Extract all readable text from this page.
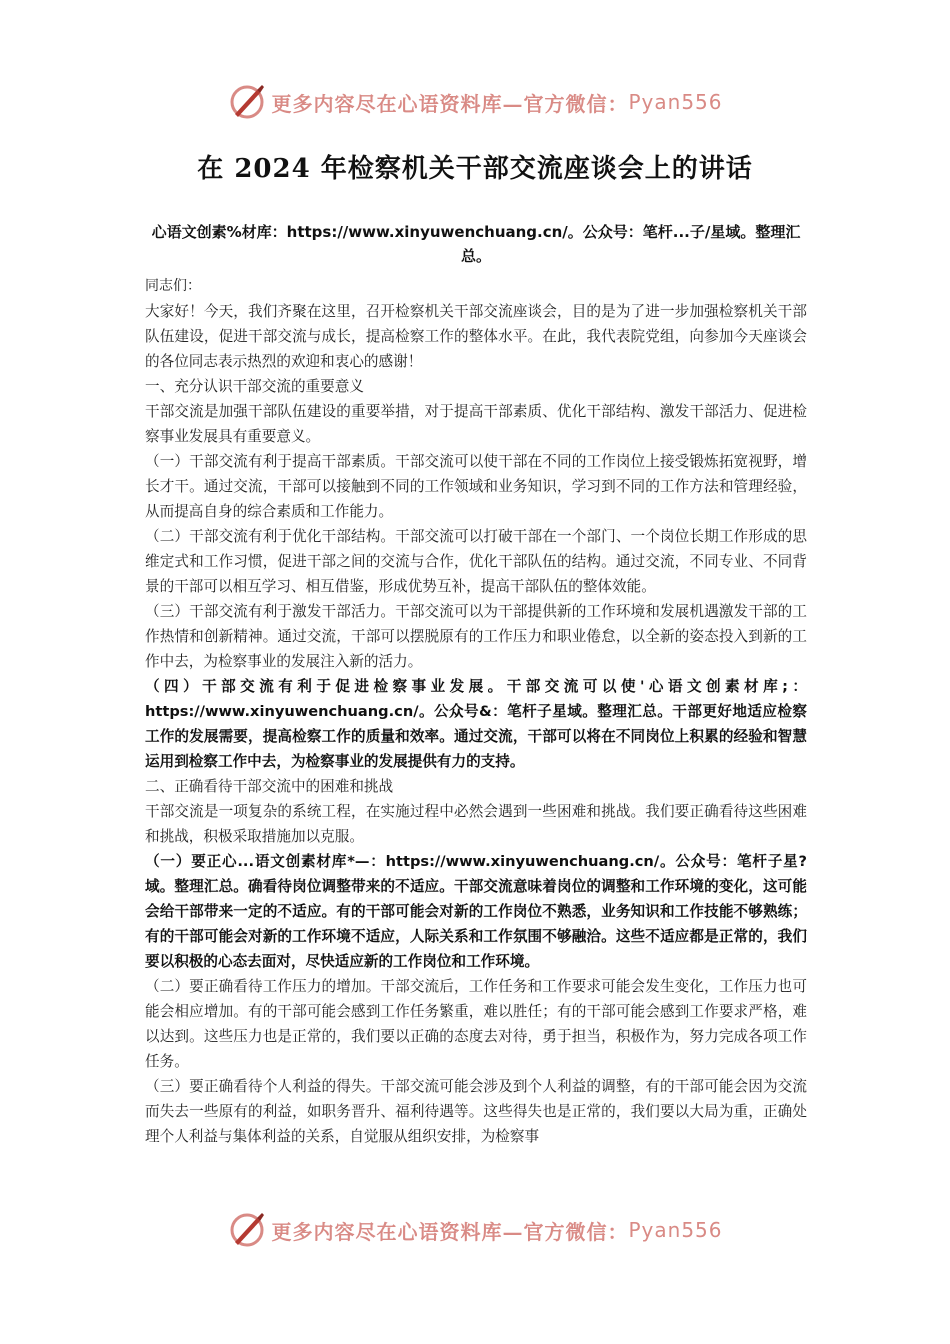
更多内容尽在心语资料库—官方微信： Pyan556
在 2024 年检察机关干部交流座谈会上的讲话

心语文创素%材库：https://www.xinyuwenchuang.cn/。公众号：笔杆...子/星域。整理汇总。

同志们：

大家好！今天，我们齐聚在这里，召开检察机关干部交流座谈会，目的是为了进一步加强检察机关干部队伍建设，促进干部交流与成长，提高检察工作的整体水平。在此，我代表院党组，向参加今天座谈会的各位同志表示热烈的欢迎和衷心的感谢！

一、充分认识干部交流的重要意义

干部交流是加强干部队伍建设的重要举措，对于提高干部素质、优化干部结构、激发干部活力、促进检察事业发展具有重要意义。

（一）干部交流有利于提高干部素质。干部交流可以使干部在不同的工作岗位上接受锻炼拓宽视野，增长才干。通过交流，干部可以接触到不同的工作领域和业务知识，学习到不同的工作方法和管理经验，从而提高自身的综合素质和工作能力。

（二）干部交流有利于优化干部结构。干部交流可以打破干部在一个部门、一个岗位长期工作形成的思维定式和工作习惯，促进干部之间的交流与合作，优化干部队伍的结构。通过交流，不同专业、不同背景的干部可以相互学习、相互借鉴，形成优势互补，提高干部队伍的整体效能。

（三）干部交流有利于激发干部活力。干部交流可以为干部提供新的工作环境和发展机遇激发干部的工作热情和创新精神。通过交流，干部可以摆脱原有的工作压力和职业倦怠，以全新的姿态投入到新的工作中去，为检察事业的发展注入新的活力。

（四）干部交流有利于促进检察事业发展。干部交流可以使'心语文创素材库;：https://www.xinyuwenchuang.cn/。公众号&：笔杆子星域。整理汇总。干部更好地适应检察工作的发展需要，提高检察工作的质量和效率。通过交流，干部可以将在不同岗位上积累的经验和智慧运用到检察工作中去，为检察事业的发展提供有力的支持。

二、正确看待干部交流中的困难和挑战

干部交流是一项复杂的系统工程，在实施过程中必然会遇到一些困难和挑战。我们要正确看待这些困难和挑战，积极采取措施加以克服。

（一）要正心...语文创素材库*—：https://www.xinyuwenchuang.cn/。公众号：笔杆子星?域。整理汇总。确看待岗位调整带来的不适应。干部交流意味着岗位的调整和工作环境的变化，这可能会给干部带来一定的不适应。有的干部可能会对新的工作岗位不熟悉，业务知识和工作技能不够熟练；有的干部可能会对新的工作环境不适应，人际关系和工作氛围不够融洽。这些不适应都是正常的，我们要以积极的心态去面对，尽快适应新的工作岗位和工作环境。

（二）要正确看待工作压力的增加。干部交流后，工作任务和工作要求可能会发生变化，工作压力也可能会相应增加。有的干部可能会感到工作任务繁重，难以胜任；有的干部可能会感到工作要求严格，难以达到。这些压力也是正常的，我们要以正确的态度去对待，勇于担当，积极作为，努力完成各项工作任务。

（三）要正确看待个人利益的得失。干部交流可能会涉及到个人利益的调整，有的干部可能会因为交流而失去一些原有的利益，如职务晋升、福利待遇等。这些得失也是正常的，我们要以大局为重，正确处理个人利益与集体利益的关系，自觉服从组织安排，为检察事

更多内容尽在心语资料库—官方微信： Pyan556
